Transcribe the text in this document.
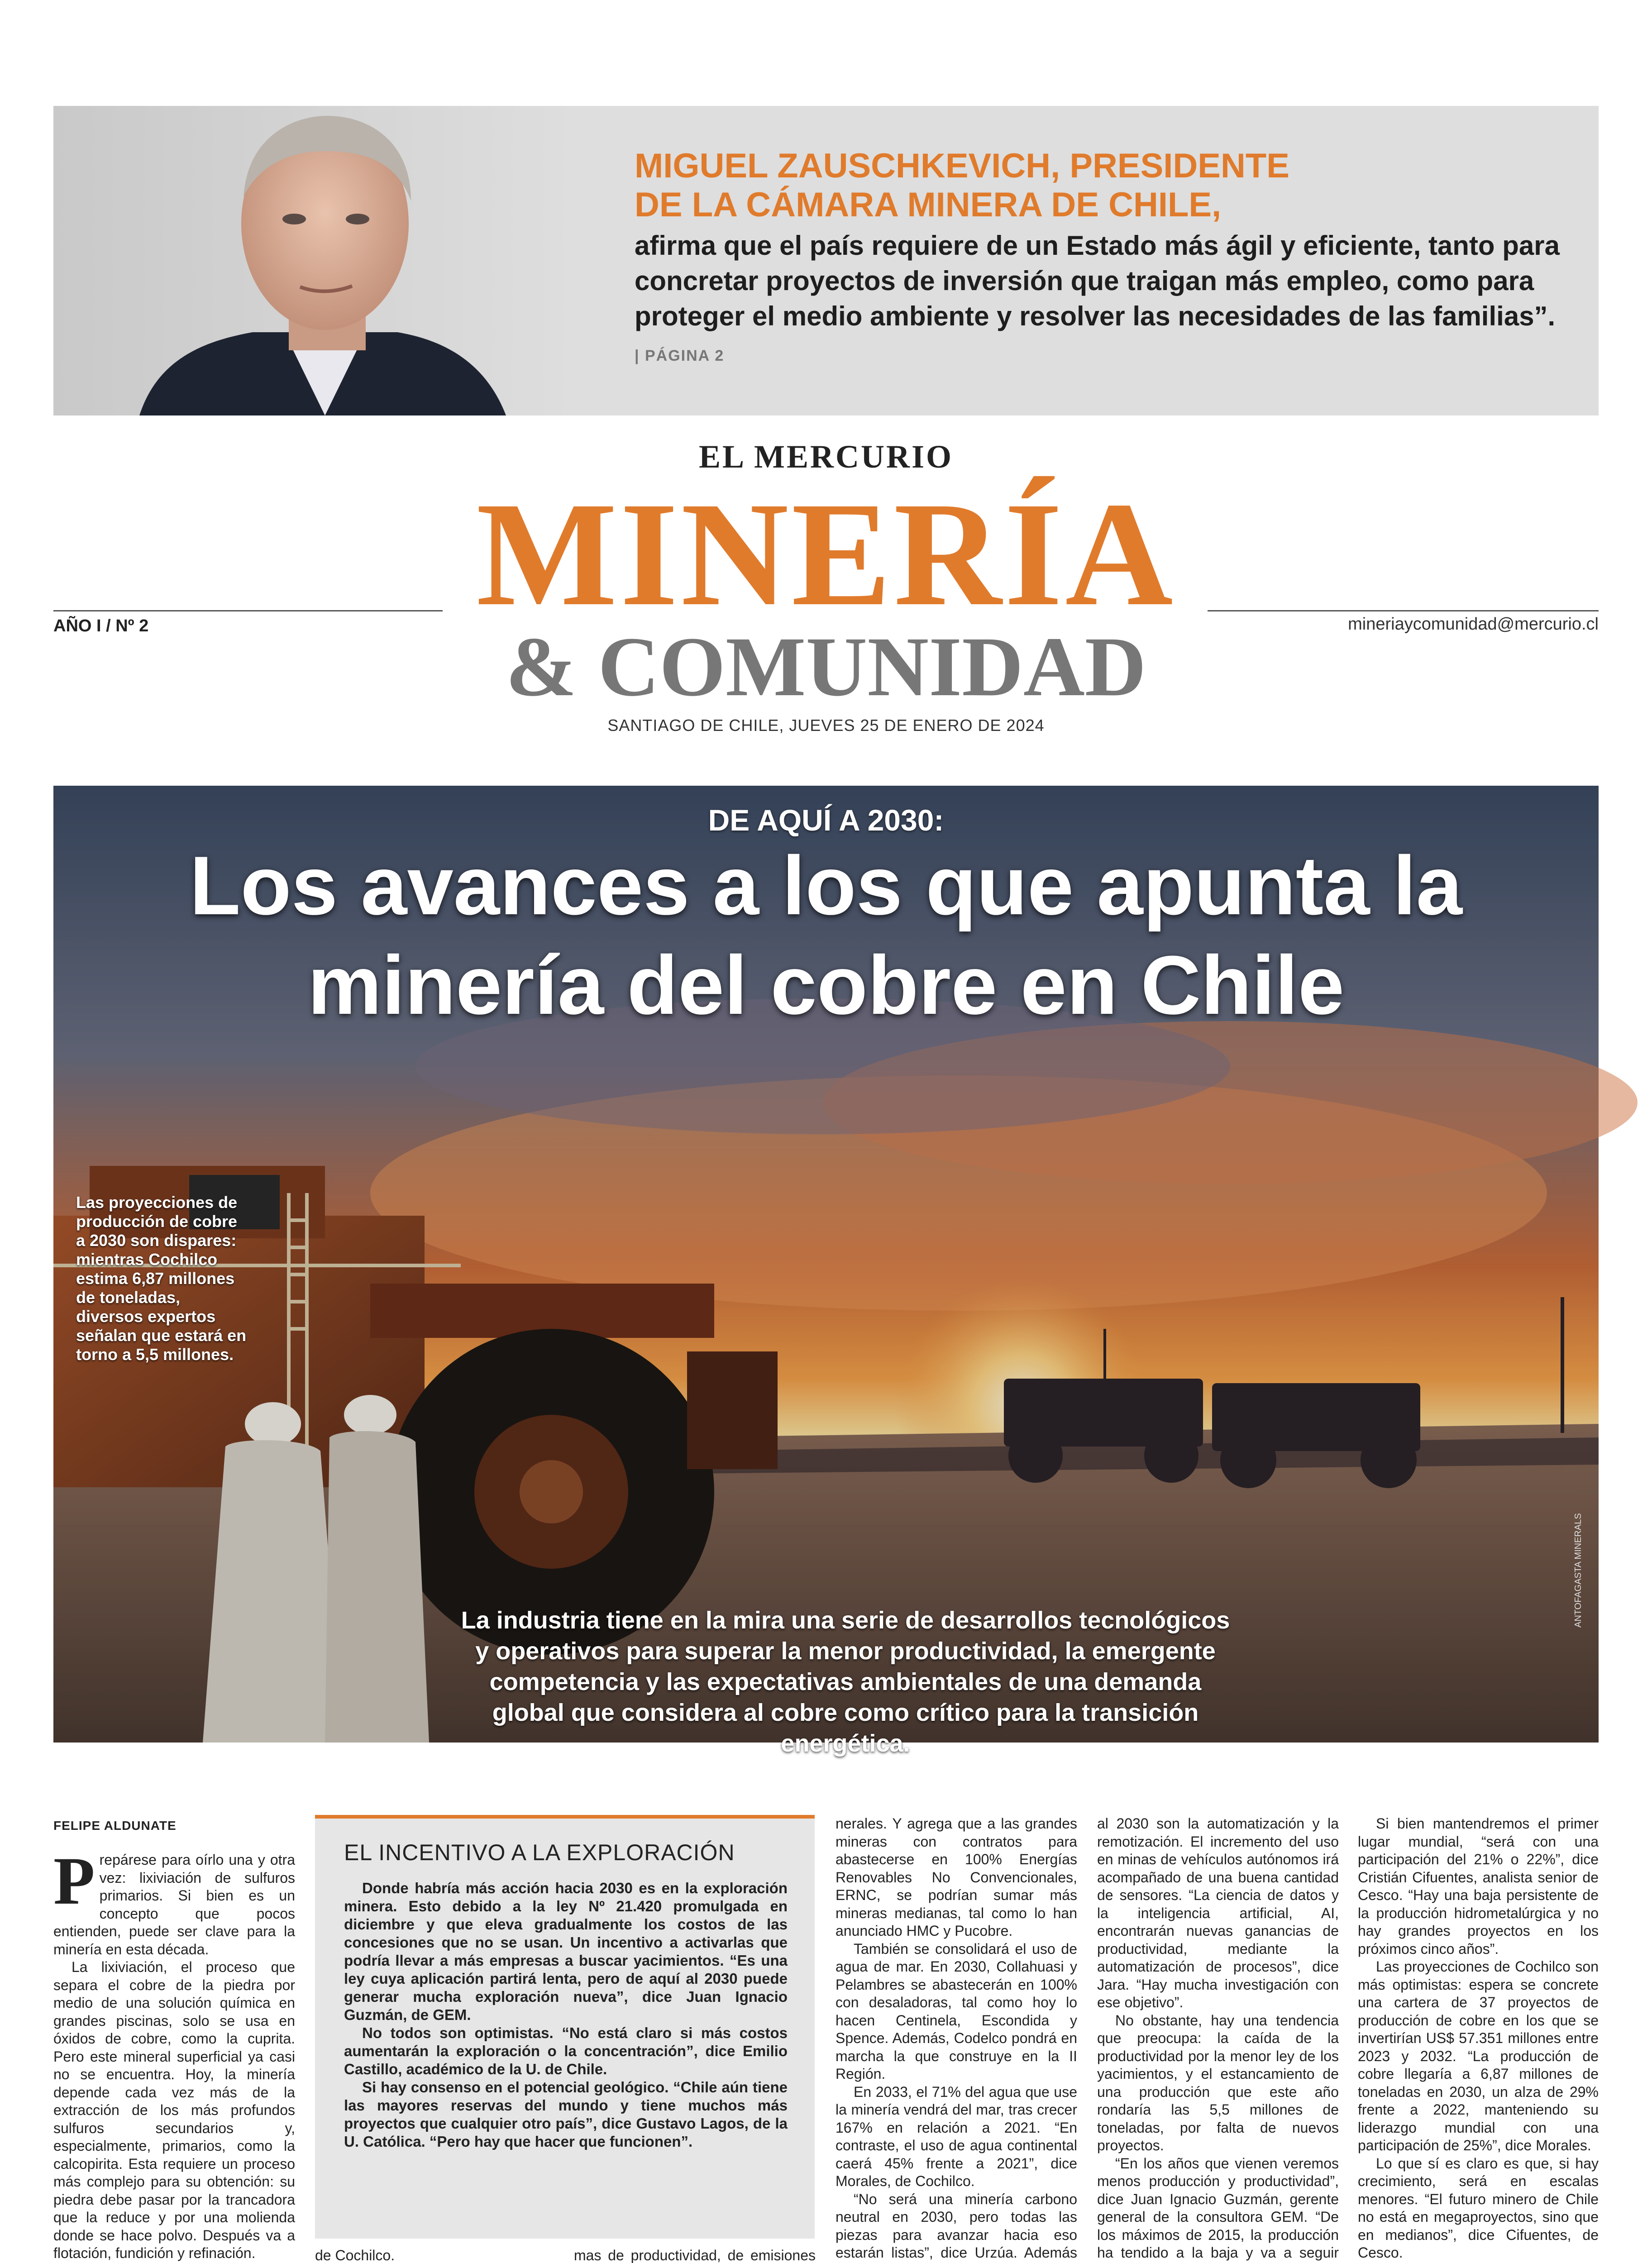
MIGUEL ZAUSCHKEVICH, PRESIDENTE
DE LA CÁMARA MINERA DE CHILE,
afirma que el país requiere de un Estado más ágil y eficiente, tanto para concretar proyectos de inversión que traigan más empleo, como para proteger el medio ambiente y resolver las necesidades de las familias”. | PÁGINA 2
EL MERCURIO
MINERÍA
AÑO I / Nº 2	mineriaycomunidad@mercurio.cl
& COMUNIDAD
SANTIAGO DE CHILE, JUEVES 25 DE ENERO DE 2024
DE AQUÍ A 2030:
Los avances a los que apunta la minería del cobre en Chile
Las proyecciones de producción de cobre a 2030 son dispares: mientras Cochilco estima 6,87 millones de toneladas, diversos expertos señalan que estará en torno a 5,5 millones.
La industria tiene en la mira una serie de desarrollos tecnológicos y operativos para superar la menor productividad, la emergente competencia y las expectativas ambientales de una demanda global que considera al cobre como crítico para la transición energética.
ANTOFAGASTA MINERALS
FELIPE ALDUNATE

Prepárese para oírlo una y otra vez: lixiviación de sulfuros primarios. Si bien es un concepto que pocos entienden, puede ser clave para la minería en esta década.

La lixiviación, el proceso que separa el cobre de la piedra por medio de una solución química en grandes piscinas, solo se usa en óxidos de cobre, como la cuprita. Pero este mineral superficial ya casi no se encuentra. Hoy, la minería depende cada vez más de la extracción de los más profundos sulfuros secundarios y, especialmente, primarios, como la calcopirita. Esta requiere un proceso más complejo para su obtención: su piedra debe pasar por la trancadora que la reduce y por una molienda donde se hace polvo. Después va a flotación, fundición y refinación.

EL INCENTIVO A LA EXPLORACIÓN

Donde habría más acción hacia 2030 es en la exploración minera. Esto debido a la ley Nº 21.420 promulgada en diciembre y que eleva gradualmente los costos de las concesiones que no se usan. Un incentivo a activarlas que podría llevar a más empresas a buscar yacimientos. “Es una ley cuya aplicación partirá lenta, pero de aquí al 2030 puede generar mucha exploración nueva”, dice Juan Ignacio Guzmán, de GEM.

No todos son optimistas. “No está claro si más costos aumentarán la exploración o la concentración”, dice Emilio Castillo, académico de la U. de Chile.

Si hay consenso en el potencial geológico. “Chile aún tiene las mayores reservas del mundo y tiene muchos más proyectos que cualquier otro país”, dice Gustavo Lagos, de la U. Católica. “Pero hay que hacer que funcionen”.

de Cochilco.	mas de productividad, de emisiones

nerales. Y agrega que a las grandes mineras con contratos para abastecerse en 100% Energías Renovables No Convencionales, ERNC, se podrían sumar más mineras medianas, tal como lo han anunciado HMC y Pucobre.

También se consolidará el uso de agua de mar. En 2030, Collahuasi y Pelambres se abastecerán en 100% con desaladoras, tal como hoy lo hacen Centinela, Escondida y Spence. Además, Codelco pondrá en marcha la que construye en la II Región.

En 2033, el 71% del agua que use la minería vendrá del mar, tras crecer 167% en relación a 2021. “En contraste, el uso de agua continental caerá 45% frente a 2021”, dice Morales, de Cochilco.

“No será una minería carbono neutral en 2030, pero todas las piezas para avanzar hacia eso estarán listas”, dice Urzúa. Además

al 2030 son la automatización y la remotización. El incremento del uso en minas de vehículos autónomos irá acompañado de una buena cantidad de sensores. “La ciencia de datos y la inteligencia artificial, AI, encontrarán nuevas ganancias de productividad, mediante la automatización de procesos”, dice Jara. “Hay mucha investigación con ese objetivo”.

No obstante, hay una tendencia que preocupa: la caída de la productividad por la menor ley de los yacimientos, y el estancamiento de una producción que este año rondaría las 5,5 millones de toneladas, por falta de nuevos proyectos.

“En los años que vienen veremos menos producción y productividad”, dice Juan Ignacio Guzmán, gerente general de la consultora GEM. “De los máximos de 2015, la producción ha tendido a la baja y va a seguir

Si bien mantendremos el primer lugar mundial, “será con una participación del 21% o 22%”, dice Cristián Cifuentes, analista senior de Cesco. “Hay una baja persistente de la producción hidrometalúrgica y no hay grandes proyectos en los próximos cinco años”.

Las proyecciones de Cochilco son más optimistas: espera se concrete una cartera de 37 proyectos de producción de cobre en los que se invertirían US$ 57.351 millones entre 2023 y 2032. “La producción de cobre llegaría a 6,87 millones de toneladas en 2030, un alza de 29% frente a 2022, manteniendo su liderazgo mundial con una participación de 25%”, dice Morales.

Lo que sí es claro es que, si hay crecimiento, será en escalas menores. “El futuro minero de Chile no está en megaproyectos, sino que en medianos”, dice Cifuentes, de Cesco.
